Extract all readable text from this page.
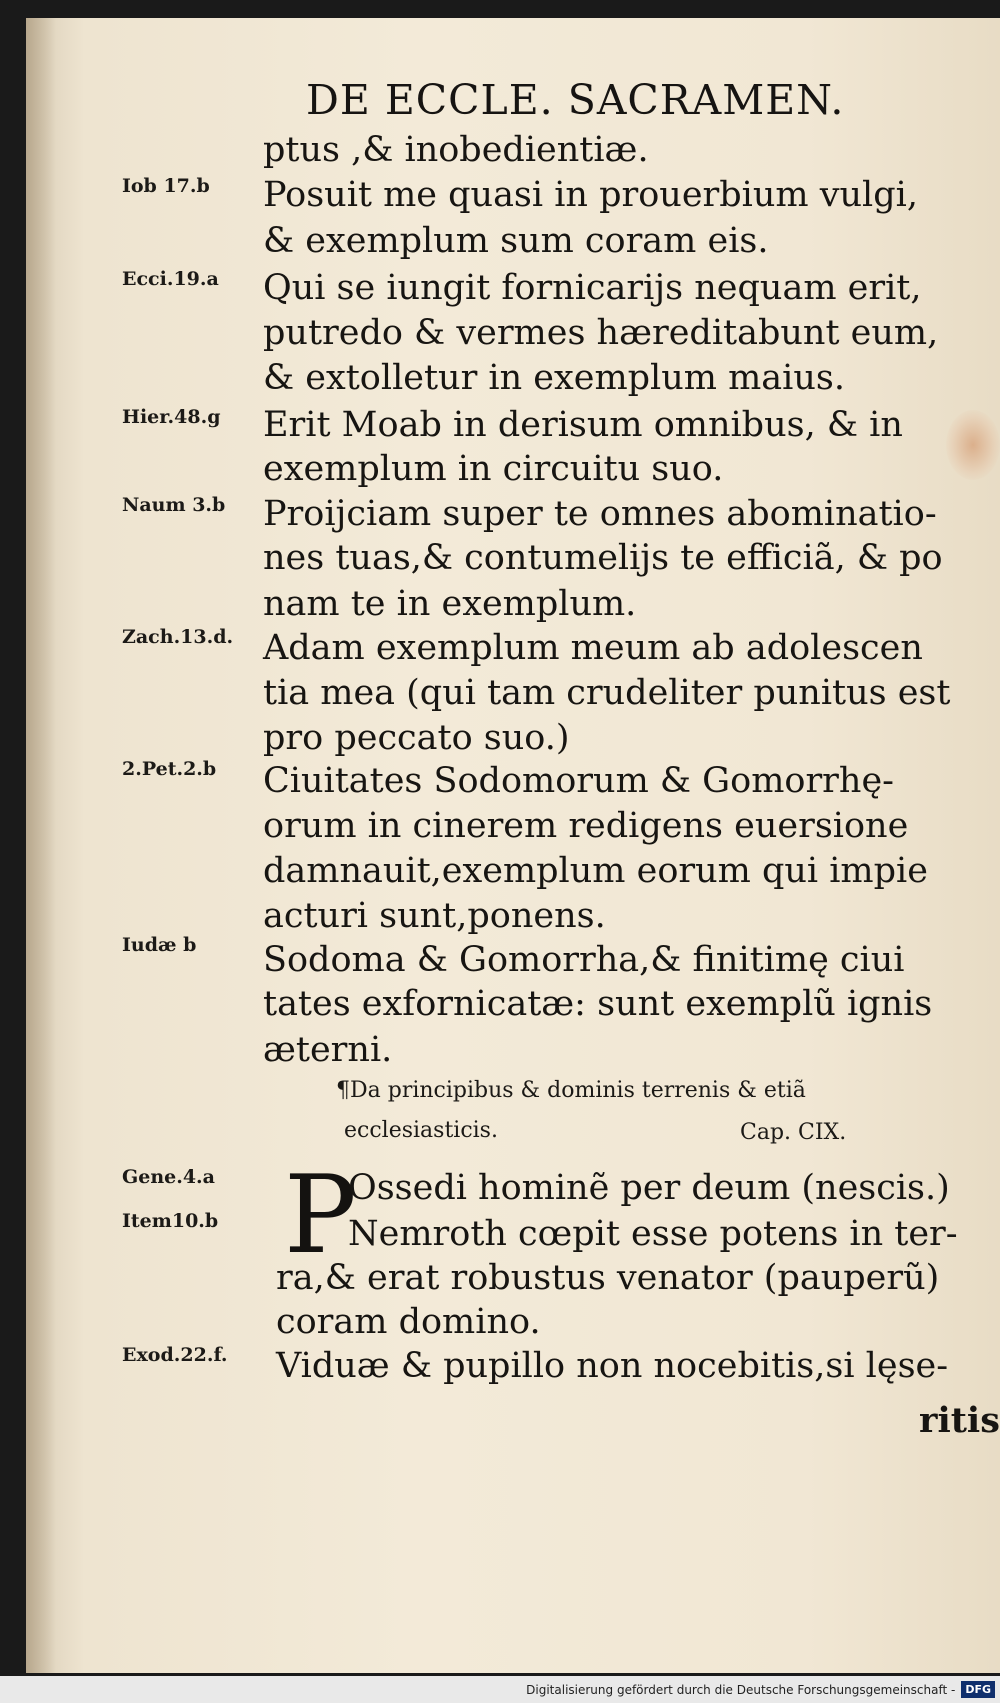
DE ECCLE. SACRAMEN.
Iob 17.b
Ecci.19.a
Hier.48.g
Naum 3.b
Zach.13.d.
2.Pet.2.b
Iudæ b
Gene.4.a
Item10.b
Exod.22.f.
ptus ,& inobedientiæ.
Posuit me quasi in prouerbium vulgi,
& exemplum sum coram eis.
Qui se iungit fornicarijs nequam erit,
putredo & vermes hæreditabunt eum,
& extolletur in exemplum maius.
Erit Moab in derisum omnibus, & in
exemplum in circuitu suo.
Proijciam super te omnes abominatio-
nes tuas,& contumelijs te efficiã, & po
nam te in exemplum.
Adam exemplum meum ab adolescen
tia mea (qui tam crudeliter punitus est
pro peccato suo.)
Ciuitates Sodomorum & Gomorrhę-
orum in cinerem redigens euersione
damnauit,exemplum eorum qui impie
acturi sunt,ponens.
Sodoma & Gomorrha,& finitimę ciui
tates exfornicatæ: sunt exemplũ ignis
æterni.
¶Da principibus & dominis terrenis & etiã
ecclesiasticis.	Cap. CIX.
P
Ossedi hominẽ per deum (nescis.)
Nemroth cœpit esse potens in ter-
ra,& erat robustus venator (pauperũ)
coram domino.
Viduæ & pupillo non nocebitis,si lęse-
ritis
Digitalisierung gefördert durch die Deutsche Forschungsgemeinschaft - DFG
